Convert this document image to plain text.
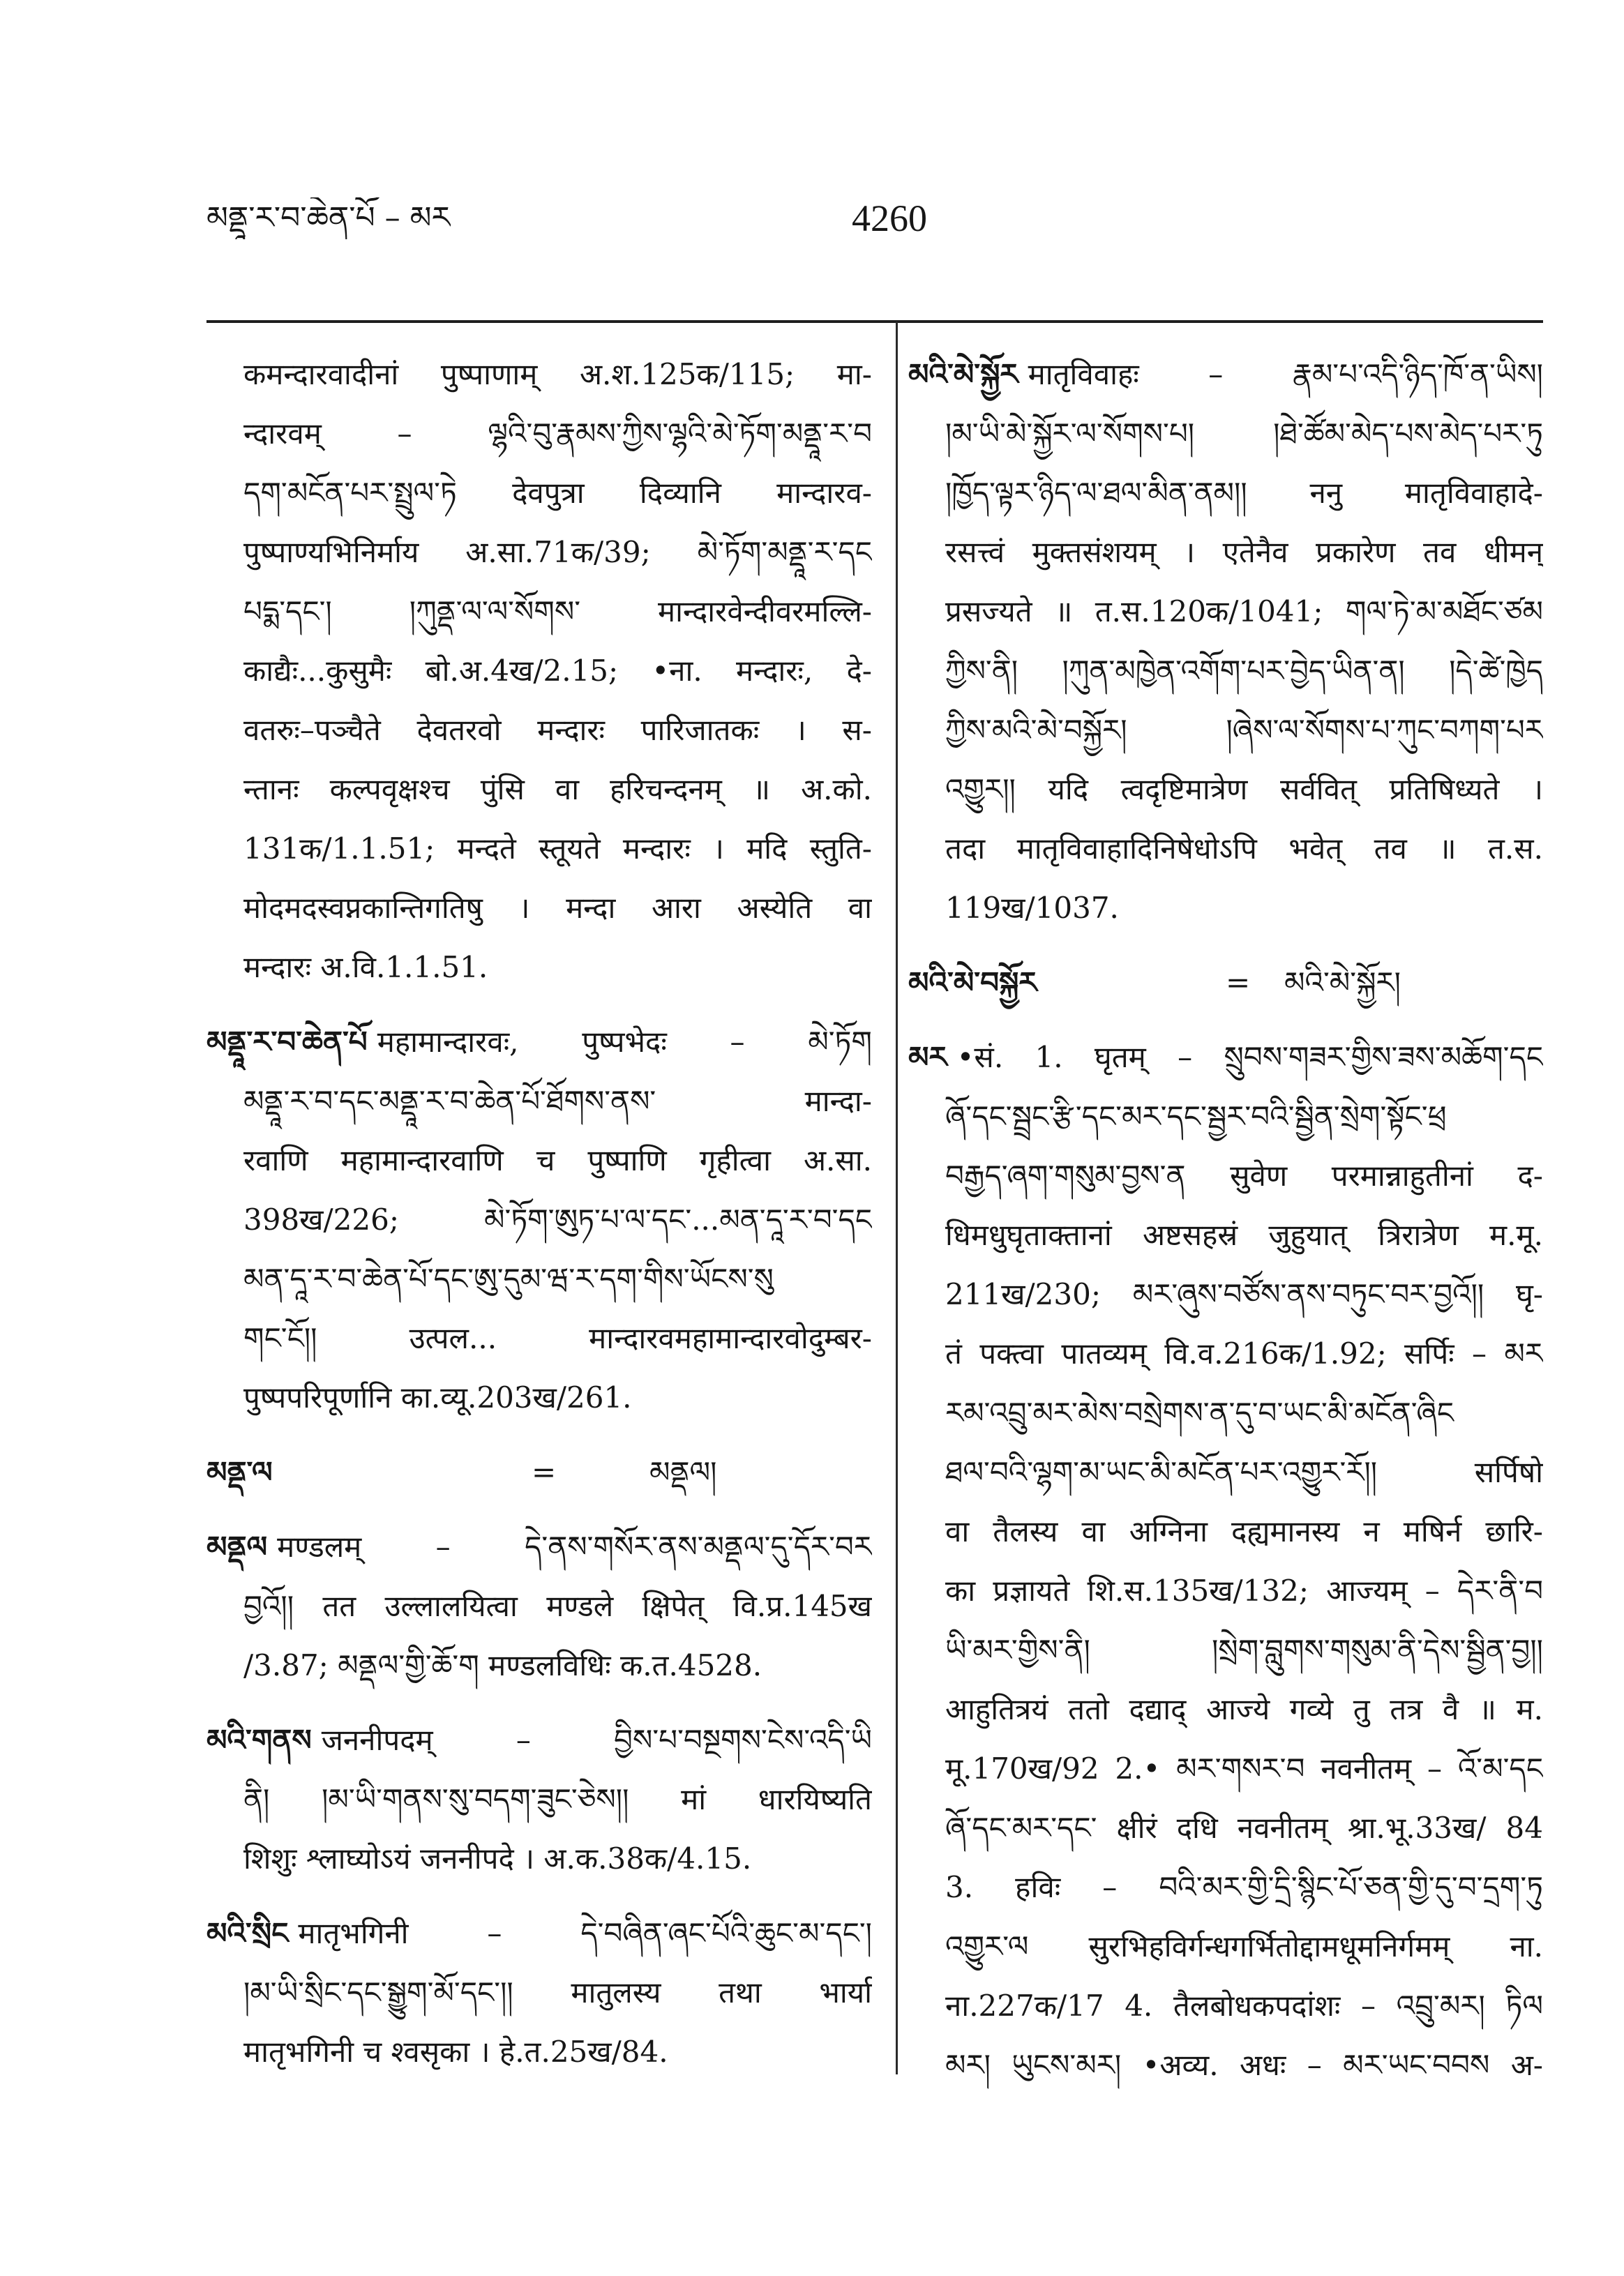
མནྡཱ་ར་བ་ཆེན་པོ – མར	4260
कमन्दारवादीनां पुष्पाणाम् अ.श.125क/115; मा-
न्दारवम् – ལྷའི་བུ་རྣམས་ཀྱིས་ལྷའི་མེ་ཏོག་མནྡཱ་ར་བ
དག་མངོན་པར་སྤྲུལ་ཏེ देवपुत्रा दिव्यानि मान्दारव-
पुष्पाण्यभिनिर्माय अ.सा.71क/39; མེ་ཏོག་མནྡཱ་ར་དང
པདྨ་དང་། །ཀུནྡ་ལ་ལ་སོགས་ मान्दारवेन्दीवरमल्लि-
काद्यैः...कुसुमैः बो.अ.4ख/2.15; •ना. मन्दारः, दे-
वतरुः–पञ्चैते देवतरवो मन्दारः पारिजातकः । स-
न्तानः कल्पवृक्षश्च पुंसि वा हरिचन्दनम् ॥ अ.को.
131क/1.1.51; मन्दते स्तूयते मन्दारः । मदि स्तुति-
मोदमदस्वप्नकान्तिगतिषु । मन्दा आरा अस्येति वा
मन्दारः अ.वि.1.1.51.
མནྡཱ་ར་བ་ཆེན་པོ महामान्दारवः, पुष्पभेदः – མེ་ཏོག
མནྡཱ་ར་བ་དང་མནྡཱ་ར་བ་ཆེན་པོ་ཐོགས་ནས་ मान्दा-
रवाणि महामान्दारवाणि च पुष्पाणि गृहीत्वा अ.सा.
398ख/226; མེ་ཏོག་ཨུཏ་པ་ལ་དང་...མན་དཱ་ར་བ་དང
མན་དཱ་ར་བ་ཆེན་པོ་དང་ཨུ་དུམ་ཝ་ར་དག་གིས་ཡོངས་སུ
གང་ངོ།། उत्पल... मान्दारवमहामान्दारवोदुम्बर-
पुष्पपरिपूर्णानि का.व्यू.203ख/261.
མནྡ་ལ	=	མནྡལ།
མནྡལ मण्डलम् – དེ་ནས་གསོར་ནས་མནྡལ་དུ་དོར་བར
བྱའོ།། तत उल्लालयित्वा मण्डले क्षिपेत् वि.प्र.145ख
/3.87; མནྡལ་གྱི་ཆོ་ག मण्डलविधिः क.त.4528.
མའི་གནས जननीपदम् – བྱིས་པ་བསྔགས་ངེས་འདི་ཡི
ནི། །མ་ཡི་གནས་སུ་བདག་ཟུང་ཅེས།། मां धारयिष्यति
शिशुः श्लाघ्योऽयं जननीपदे । अ.क.38क/4.15.
མའི་སྲིང मातृभगिनी – དེ་བཞིན་ཞང་པོའི་ཆུང་མ་དང་།
།མ་ཡི་སྲིང་དང་སྒྱུག་མོ་དང་།། मातुलस्य तथा भार्या
मातृभगिनी च श्वसृका । हे.त.25ख/84.
མའི་མེ་སྐྱོར मातृविवाहः – རྣམ་པ་འདི་ཉིད་ཁོ་ན་ཡིས།
།མ་ཡི་མེ་སྐྱོར་ལ་སོགས་པ། །ཐེ་ཚོམ་མེད་པས་མེད་པར་ཏུ
།ཁྱོད་ལྟར་ཉིད་ལ་ཐལ་མིན་ནམ།། ननु मातृविवाहादे-
रसत्त्वं मुक्तसंशयम् । एतेनैव प्रकारेण तव धीमन्
प्रसज्यते ॥ त.स.120क/1041; གལ་ཏེ་མ་མཐོང་ཙམ
ཀྱིས་ནི། །ཀུན་མཁྱེན་འགོག་པར་བྱེད་ཡིན་ན། །དེ་ཚེ་ཁྱེད
ཀྱིས་མའི་མེ་བསྐྱོར། །ཞེས་ལ་སོགས་པ་ཀུང་བཀག་པར
འགྱུར།། यदि त्वदृष्टिमात्रेण सर्ववित् प्रतिषिध्यते ।
तदा मातृविवाहादिनिषेधोऽपि भवेत् तव ॥ त.स.
119ख/1037.
མའི་མེ་བསྐྱོར	= མའི་མེ་སྐྱོར།
མར •सं. 1. घृतम् – སྲུབས་གཟར་གྱིས་ཟས་མཆོག་དང
ཞོ་དང་སྦྲང་རྩི་དང་མར་དང་སྦྱར་བའི་སྦྱིན་སྲེག་སྟོང་ཕྲ
བརྒྱད་ཞག་གསུམ་བྱས་ན सुवेण परमान्नाहुतीनां द-
धिमधुघृताक्तानां अष्टसहस्रं जुहुयात् त्रिरात्रेण म.मू.
211ख/230; མར་ཞུས་བཙོས་ནས་བཏུང་བར་བྱའོ།། घृ-
तं पक्त्वा पातव्यम् वि.व.216क/1.92; सर्पिः – མར
རམ་འབྲུ་མར་མེས་བསྲེགས་ན་དུ་བ་ཡང་མི་མངོན་ཞིང
ཐལ་བའི་ལྷག་མ་ཡང་མི་མངོན་པར་འགྱུར་རོ།། सर्पिषो
वा तैलस्य वा अग्निना दह्यमानस्य न मषिर्न छारि-
का प्रज्ञायते शि.स.135ख/132; आज्यम् – དེར་ནི་བ
ཡི་མར་གྱིས་ནི། །སྲེག་བླུགས་གསུམ་ནི་དེས་སྦྱིན་བྱ།།
आहुतित्रयं ततो दद्याद् आज्ये गव्ये तु तत्र वै ॥ म.
मू.170ख/92 2.• མར་གསར་བ नवनीतम् – འོ་མ་དང
ཞོ་དང་མར་དང་ क्षीरं दधि नवनीतम् श्रा.भू.33ख/ 84
3. हविः – བའི་མར་གྱི་དྲི་སྙིང་པོ་ཅན་གྱི་དུ་བ་དྲག་ཏུ
འགྱུར་ལ सुरभिहविर्गन्धगर्भितोद्दामधूमनिर्गमम् ना.
ना.227क/17 4. तैलबोधकपदांशः – འབྲུ་མར། ཏིལ
མར། ཡུངས་མར། •अव्य. अधः – མར་ཡང་བབས अ-
